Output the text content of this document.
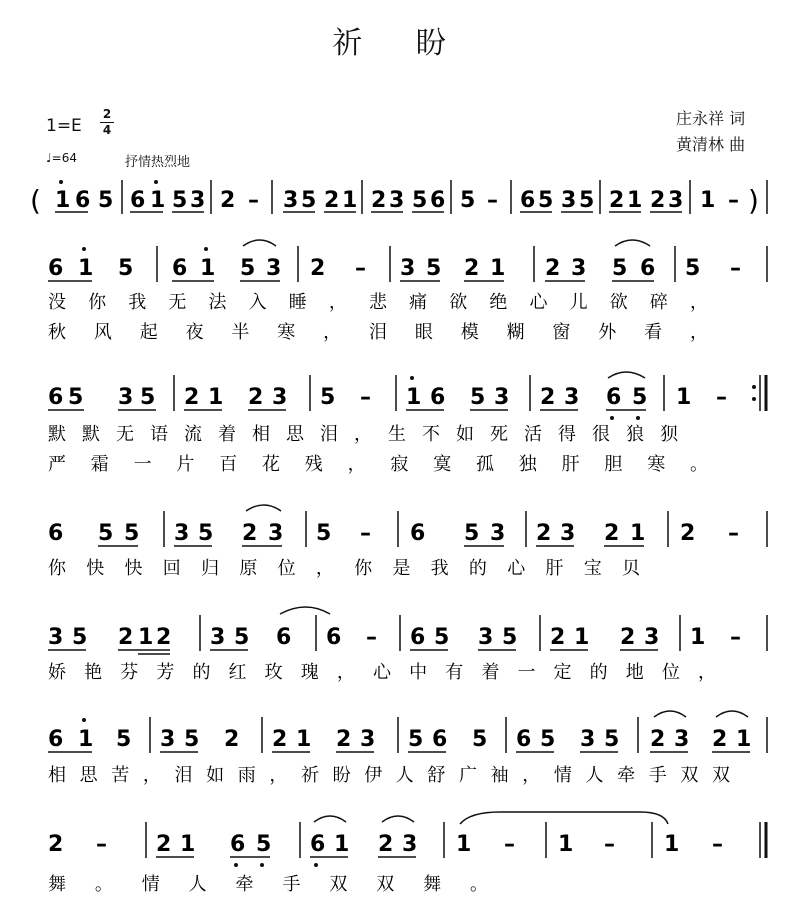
祈 盼
1=E
2
4
♩=64	抒情热烈地
庄永祥 词
黄清林 曲
( 1 6 5 6 1 5 3 2 – 3 5 2 1 2 3 5 6 5 – 6 5 3 5 2 1 2 3 1 – )
6 1 5 6 1 5 3 2 – 3 5 2 1 2 3 5 6 5 –
没你我无法入睡，悲痛欲绝心儿欲碎，
秋风起夜半寒，泪眼模糊窗外看，
6 5 3 5 2 1 2 3 5 – 1 6 5 3 2 3 6 5 1 –
默默无语流着相思泪，生不如死活得很狼狈
严霜一片百花残，寂寞孤独肝胆寒。
6 5 5 3 5 2 3 5 – 6 5 3 2 3 2 1 2 –
你快快回归原位，你是我的心肝宝贝
3 5 2 1 2 3 5 6 6 – 6 5 3 5 2 1 2 3 1 –
娇艳芬芳的红玫瑰，心中有着一定的地位，
6 1 5 3 5 2 2 1 2 3 5 6 5 6 5 3 5 2 3 2 1
相思苦，泪如雨，祈盼伊人舒广袖，情人牵手双双
2 – 2 1 6 5 6 1 2 3 1 – 1 – 1 –
舞。情人牵手双双舞。
